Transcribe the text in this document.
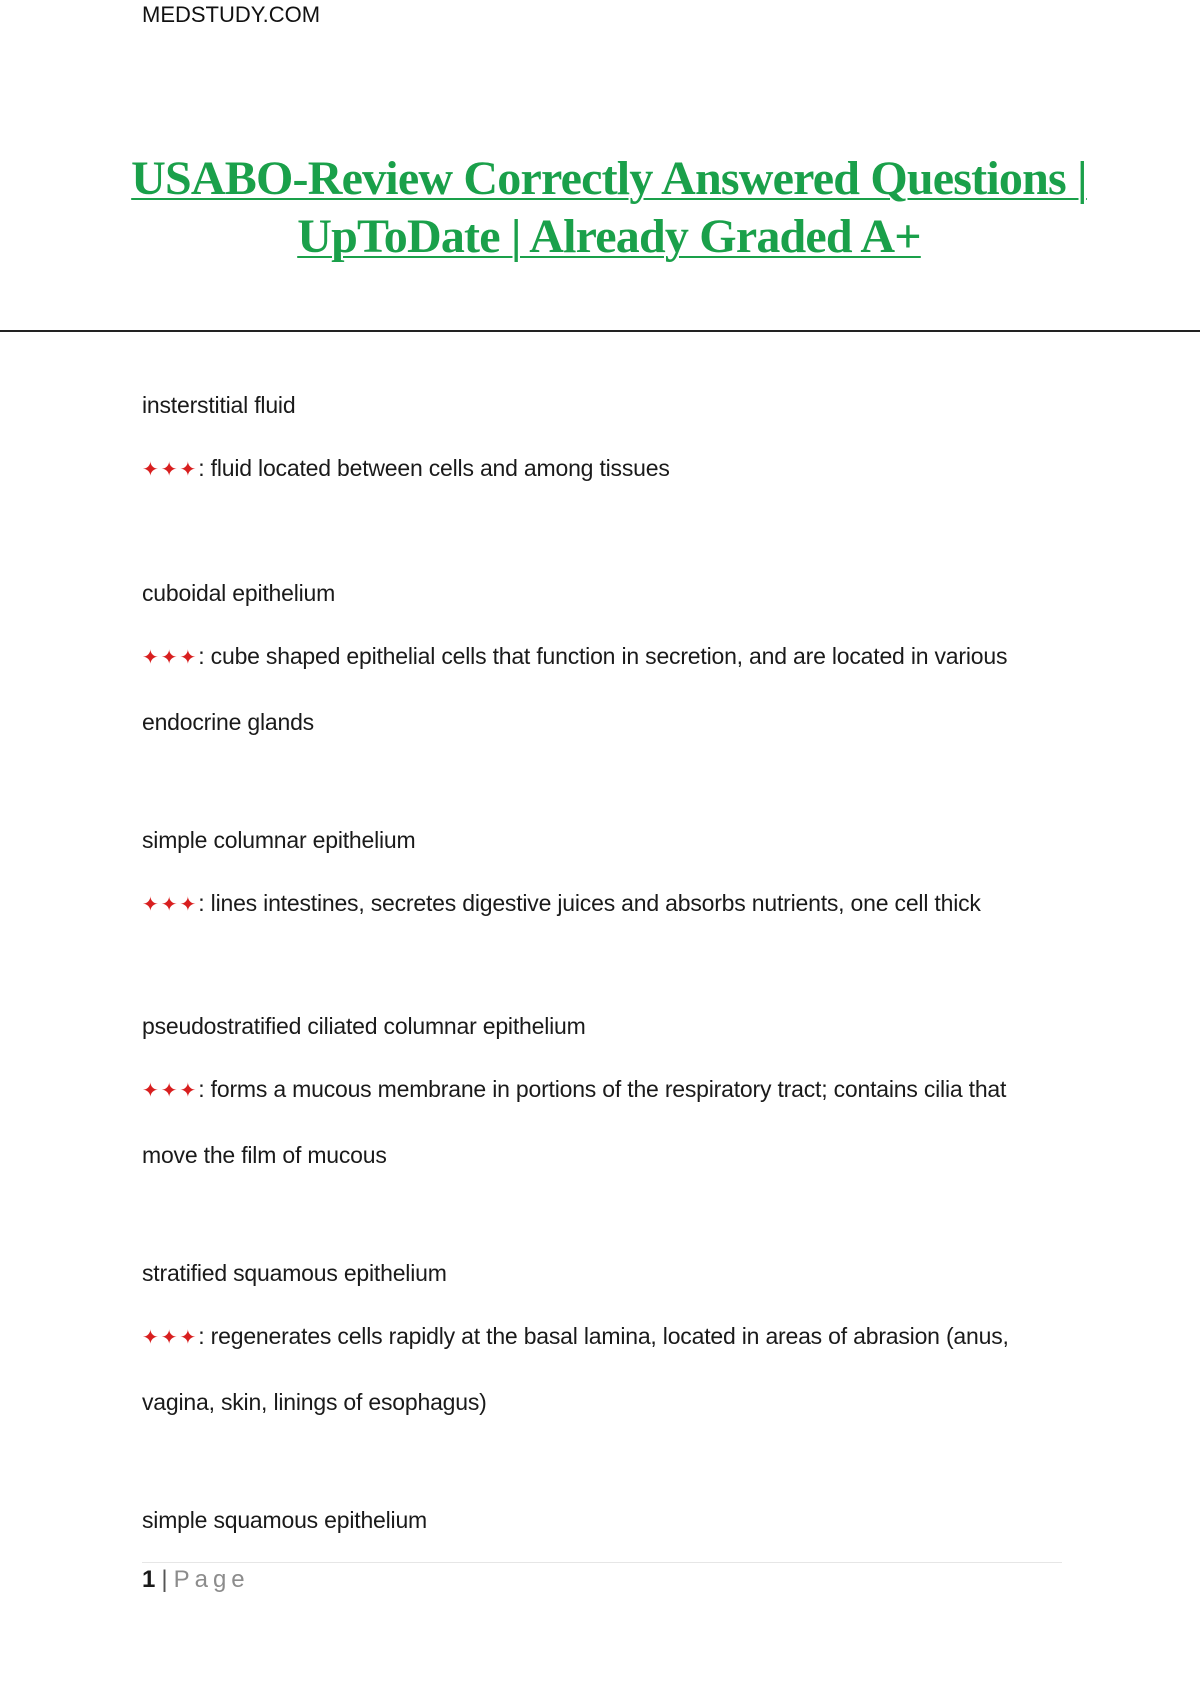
MEDSTUDY.COM
USABO-Review Correctly Answered Questions |
UpToDate | Already Graded A+
insterstitial fluid
✦✦✦: fluid located between cells and among tissues
cuboidal epithelium
✦✦✦: cube shaped epithelial cells that function in secretion, and are located in various endocrine glands
simple columnar epithelium
✦✦✦: lines intestines, secretes digestive juices and absorbs nutrients, one cell thick
pseudostratified ciliated columnar epithelium
✦✦✦: forms a mucous membrane in portions of the respiratory tract; contains cilia that move the film of mucous
stratified squamous epithelium
✦✦✦: regenerates cells rapidly at the basal lamina, located in areas of abrasion (anus, vagina, skin, linings of esophagus)
simple squamous epithelium
1 | Page
